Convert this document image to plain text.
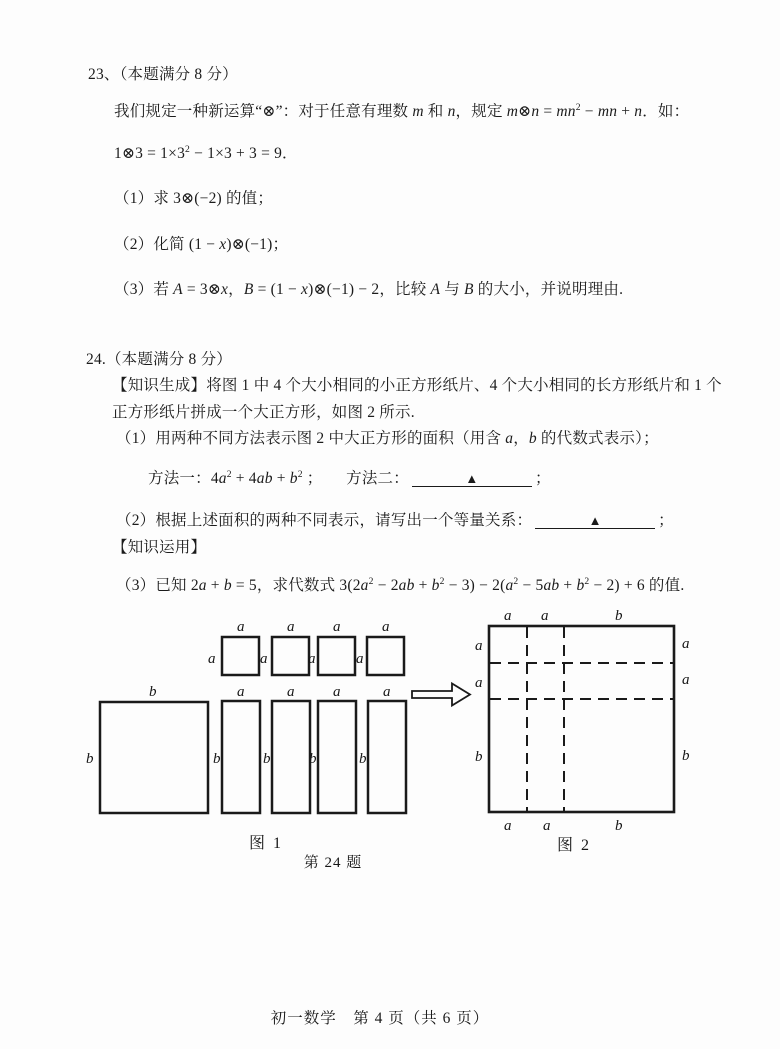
23、（本题满分 8 分）
我们规定一种新运算“⊗”：对于任意有理数 m 和 n，规定 m⊗n = $mn^2$ − mn + n．如：
1⊗3 = $1\times 3^2 - 1\times 3 + 3 = 9$．
（1）求 3⊗(−2) 的值；
（2）化简 (1 − x)⊗(−1)；
（3）若 A = 3⊗x，B = (1 − x)⊗(−1) − 2，比较 A 与 B 的大小，并说明理由.
24.（本题满分 8 分）
【知识生成】将图 1 中 4 个大小相同的小正方形纸片、4 个大小相同的长方形纸片和 1 个
正方形纸片拼成一个大正方形，如图 2 所示.
（1）用两种不同方法表示图 2 中大正方形的面积（用含 a，b 的代数式表示）；
方法一：$4a^2 + 4ab + b^2$ ；　　 方法二：	▲	；
（2）根据上述面积的两种不同表示，请写出一个等量关系：	▲	；
【知识运用】
（3）已知 2a + b = 5，求代数式 $3(2a^2 - 2ab + b^2 - 3) - 2(a^2 - 5ab + b^2 - 2) + 6$ 的值.
a	a	a	a
a	a	a	a
b
b
a	a	a	a
b	b	b	b
a a	b
a
a
b
a
a
b
a a	b
图 1	图 2
第 24 题
初一数学　第 4 页（共 6 页）
